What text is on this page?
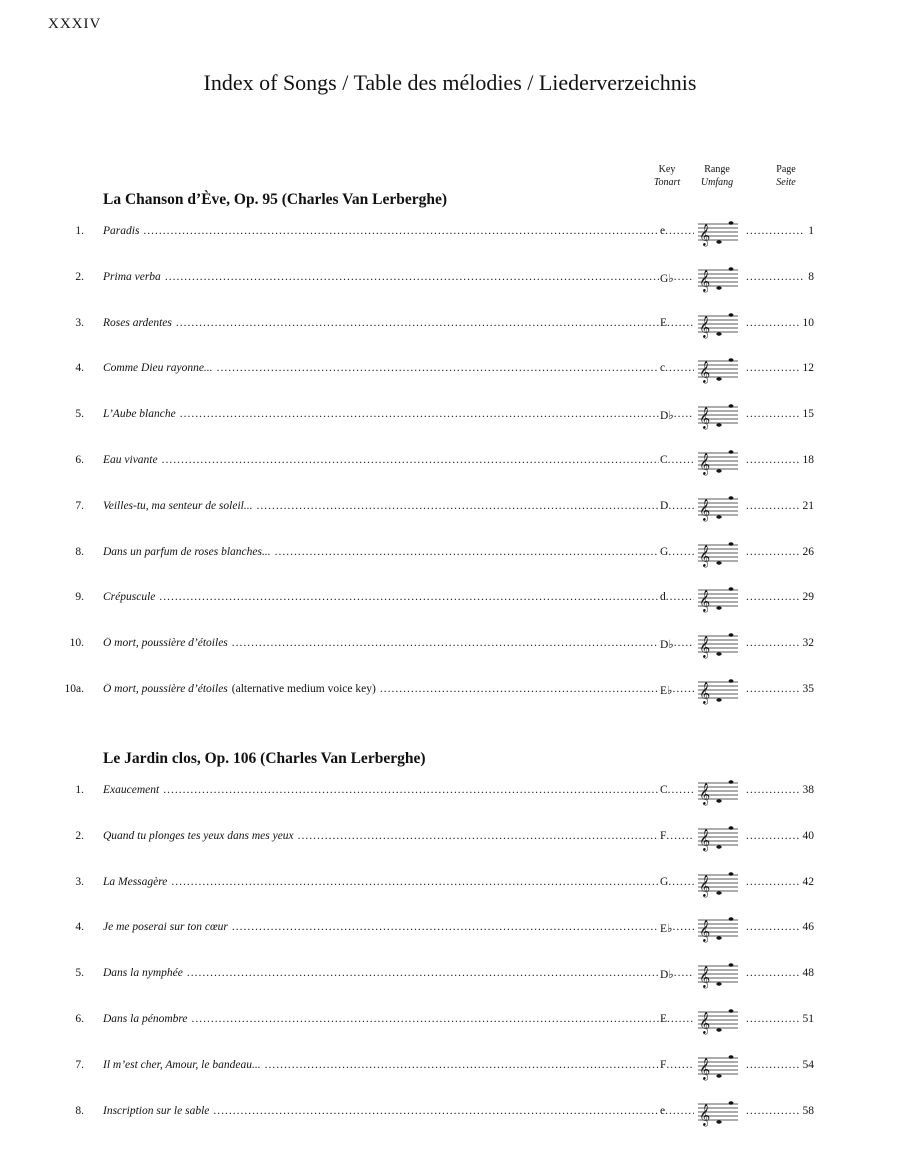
XXXIV
Index of Songs / Table des mélodies / Liederverzeichnis
Key
Tonart
Range
Umfang
Page
Seite
La Chanson d’Ève, Op. 95 (Charles Van Lerberghe)
1. Paradis .....	e ..... 𝄞 .....	1
2. Prima verba .....	G♭ ..... 𝄞 .....	8
3. Roses ardentes .....	E ..... 𝄞 .....	10
4. Comme Dieu rayonne... .....	c ..... 𝄞 .....	12
5. L’Aube blanche .....	D♭ ..... 𝄞 .....	15
6. Eau vivante .....	C ..... 𝄞 .....	18
7. Veilles-tu, ma senteur de soleil... .....	D ..... 𝄞 .....	21
8. Dans un parfum de roses blanches... .....	G ..... 𝄞 .....	26
9. Crépuscule .....	d ..... 𝄞 .....	29
10. Ô mort, poussière d’étoiles .....	D♭ ..... 𝄞 .....	32
10a. Ô mort, poussière d’étoiles (alternative medium voice key) .....	E♭ ..... 𝄞 .....	35
Le Jardin clos, Op. 106 (Charles Van Lerberghe)
1. Exaucement .....	C ..... 𝄞 .....	38
2. Quand tu plonges tes yeux dans mes yeux .....	F ..... 𝄞 .....	40
3. La Messagère .....	G ..... 𝄞 .....	42
4. Je me poserai sur ton cœur .....	E♭ ..... 𝄞 .....	46
5. Dans la nymphée .....	D♭ ..... 𝄞 .....	48
6. Dans la pénombre .....	E ..... 𝄞 .....	51
7. Il m’est cher, Amour, le bandeau... .....	F ..... 𝄞 .....	54
8. Inscription sur le sable .....	e ..... 𝄞 .....	58
